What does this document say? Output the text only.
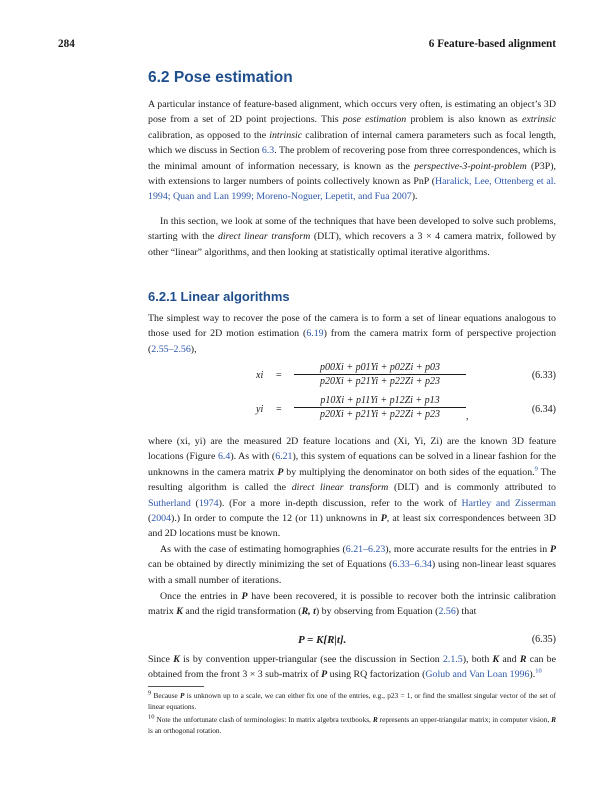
284	6 Feature-based alignment
6.2 Pose estimation

A particular instance of feature-based alignment, which occurs very often, is estimating an object’s 3D pose from a set of 2D point projections. This pose estimation problem is also known as extrinsic calibration, as opposed to the intrinsic calibration of internal camera parameters such as focal length, which we discuss in Section 6.3. The problem of recovering pose from three correspondences, which is the minimal amount of information necessary, is known as the perspective-3-point-problem (P3P), with extensions to larger numbers of points collectively known as PnP (Haralick, Lee, Ottenberg et al. 1994; Quan and Lan 1999; Moreno-Noguer, Lepetit, and Fua 2007).

In this section, we look at some of the techniques that have been developed to solve such problems, starting with the direct linear transform (DLT), which recovers a 3 × 4 camera matrix, followed by other “linear” algorithms, and then looking at statistically optimal iterative algorithms.

6.2.1 Linear algorithms

The simplest way to recover the pose of the camera is to form a set of linear equations analogous to those used for 2D motion estimation (6.19) from the camera matrix form of perspective projection (2.55–2.56),

xi = $\frac{p00Xi + p01Yi + p02Zi + p03}{p20Xi + p21Yi + p22Zi + p23}$	(6.33)
yi = $\frac{p10Xi + p11Yi + p12Zi + p13}{p20Xi + p21Yi + p22Zi + p23}$ ,
(6.34)

where (xi, yi) are the measured 2D feature locations and (Xi, Yi, Zi) are the known 3D feature locations (Figure 6.4). As with (6.21), this system of equations can be solved in a linear fashion for the unknowns in the camera matrix P by multiplying the denominator on both sides of the equation.$^9$ The resulting algorithm is called the direct linear transform (DLT) and is commonly attributed to Sutherland (1974). (For a more in-depth discussion, refer to the work of Hartley and Zisserman (2004).) In order to compute the 12 (or 11) unknowns in P, at least six correspondences between 3D and 2D locations must be known.

As with the case of estimating homographies (6.21–6.23), more accurate results for the entries in P can be obtained by directly minimizing the set of Equations (6.33–6.34) using non-linear least squares with a small number of iterations.

Once the entries in P have been recovered, it is possible to recover both the intrinsic calibration matrix K and the rigid transformation (R, t) by observing from Equation (2.56) that

P = K[R|t].	(6.35)

Since K is by convention upper-triangular (see the discussion in Section 2.1.5), both K and R can be obtained from the front 3 × 3 sub-matrix of P using RQ factorization (Golub and Van Loan 1996).$^{10}$

$^9$ Because P is unknown up to a scale, we can either fix one of the entries, e.g., p23 = 1, or find the smallest singular vector of the set of linear equations.

$^{10}$ Note the unfortunate clash of terminologies: In matrix algebra textbooks, R represents an upper-triangular matrix; in computer vision, R is an orthogonal rotation.
